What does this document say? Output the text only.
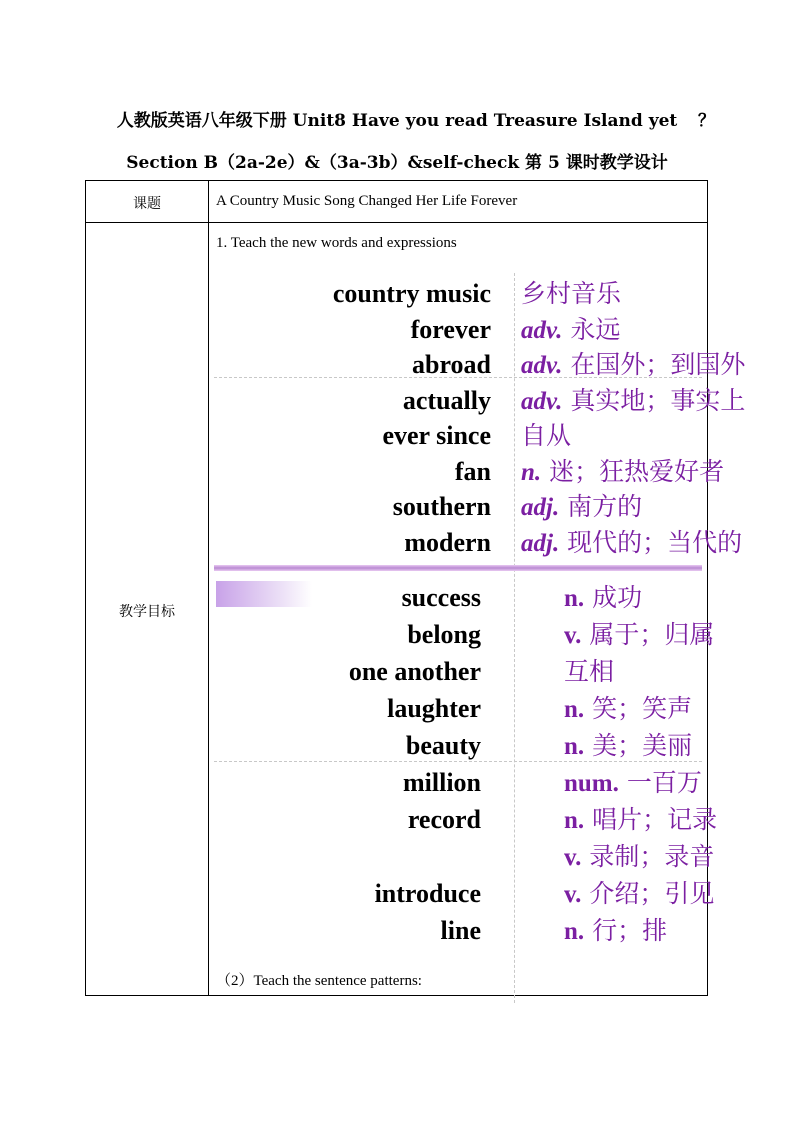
人教版英语八年级下册 Unit8 Have you read Treasure Island yet ？
Section B（2a-2e）&（3a-3b）&self-check 第 5 课时教学设计
课题	A Country Music Song Changed Her Life Forever
教学目标
1. Teach the new words and expressions
country music 乡村音乐
forever adv. 永远
abroad adv. 在国外；到国外
actually adv. 真实地；事实上
ever since 自从
fan n. 迷；狂热爱好者
southern adj. 南方的
modern adj. 现代的；当代的
success	n. 成功
belong	v. 属于；归属
one another	互相
laughter	n. 笑；笑声
beauty	n. 美；美丽
million	num. 一百万
record	n. 唱片；记录
v. 录制；录音
introduce	v. 介绍；引见
line	n. 行；排
（2）Teach the sentence patterns:
